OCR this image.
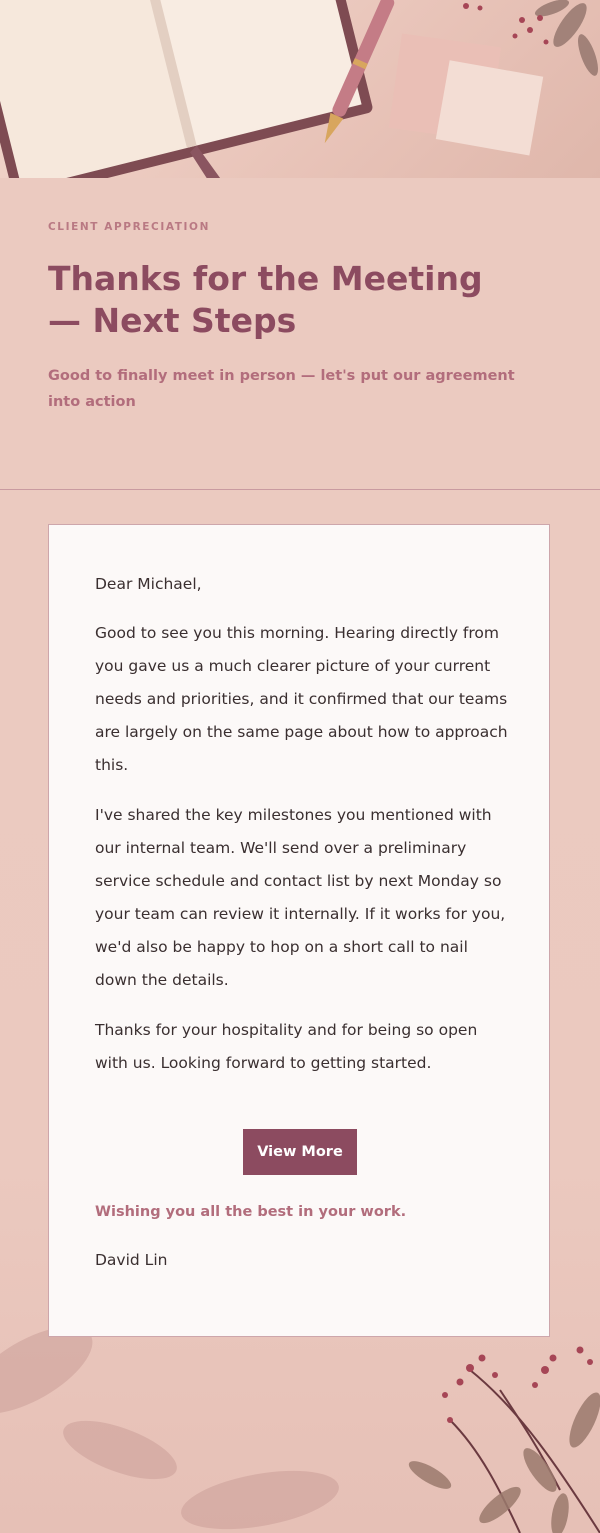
CLIENT APPRECIATION
Thanks for the Meeting — Next Steps

Good to finally meet in person — let's put our agreement into action

Dear Michael,

Good to see you this morning. Hearing directly from you gave us a much clearer picture of your current needs and priorities, and it confirmed that our teams are largely on the same page about how to approach this.

I've shared the key milestones you mentioned with our internal team. We'll send over a preliminary service schedule and contact list by next Monday so your team can review it internally. If it works for you, we'd also be happy to hop on a short call to nail down the details.

Thanks for your hospitality and for being so open with us. Looking forward to getting started.

View More
Wishing you all the best in your work.
David Lin
